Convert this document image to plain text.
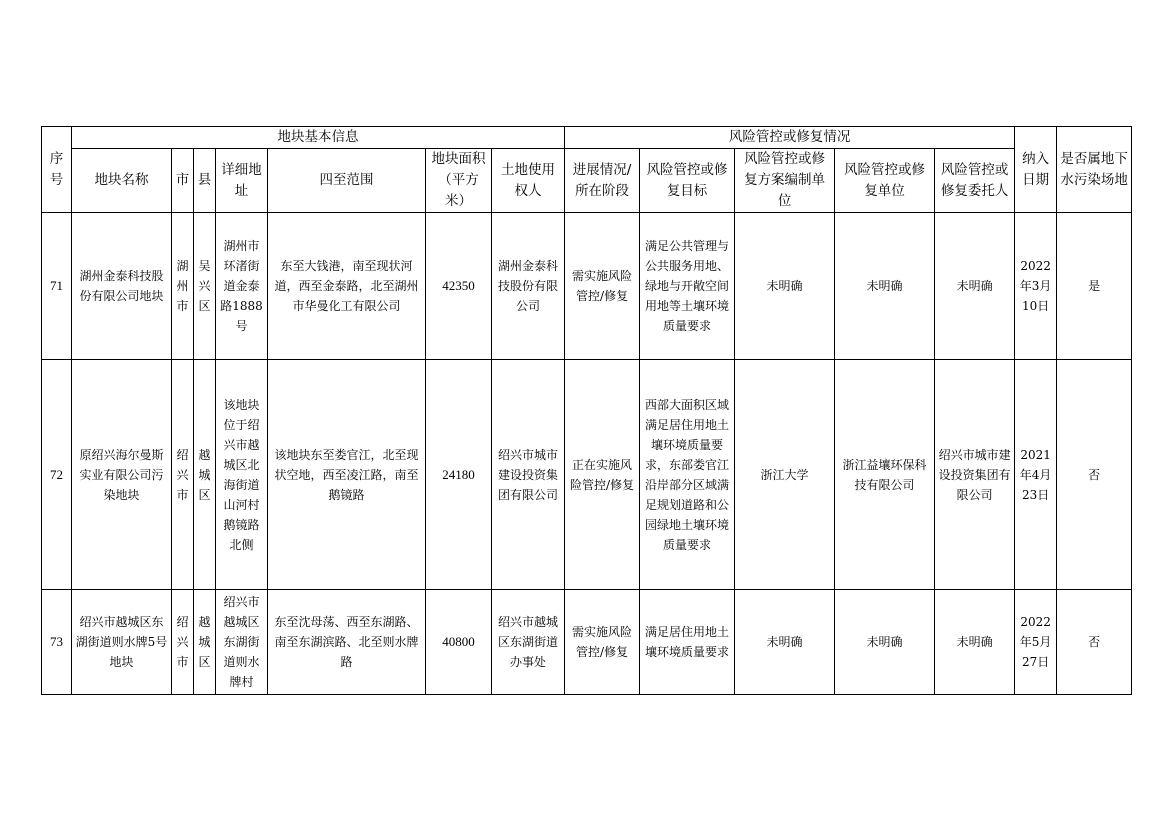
序号	地块基本信息							风险管控或修复情况					纳入日期	是否属地下水污染场地
	地块名称	市	县	详细地址	四至范围	地块面积（平方米）	土地使用权人	进展情况/所在阶段	风险管控或修复目标	风险管控或修复方案编制单位	风险管控或修复单位	风险管控或修复委托人		
71	湖州金泰科技股份有限公司地块	湖州市	吴兴区	湖州市环渚街道金泰路1888号	东至大钱港，南至现状河道，西至金泰路，北至湖州市华曼化工有限公司	42350	湖州金泰科技股份有限公司	需实施风险管控/修复	满足公共管理与公共服务用地、绿地与开敞空间用地等土壤环境质量要求	未明确	未明确	未明确	2022年3月10日	是
72	原绍兴海尔曼斯实业有限公司污染地块	绍兴市	越城区	该地块位于绍兴市越城区北海街道山河村鹅镜路北侧	该地块东至娄官江，北至现状空地，西至凌江路，南至鹅镜路	24180	绍兴市城市建设投资集团有限公司	正在实施风险管控/修复	西部大面积区域满足居住用地土壤环境质量要求，东部娄官江沿岸部分区域满足规划道路和公园绿地土壤环境质量要求	浙江大学	浙江益壤环保科技有限公司	绍兴市城市建设投资集团有限公司	2021年4月23日	否
73	绍兴市越城区东湖街道则水牌5号地块	绍兴市	越城区	绍兴市越城区东湖街道则水牌村	东至沈母荡、西至东湖路、南至东湖滨路、北至则水牌路	40800	绍兴市越城区东湖街道办事处	需实施风险管控/修复	满足居住用地土壤环境质量要求	未明确	未明确	未明确	2022年5月27日	否
